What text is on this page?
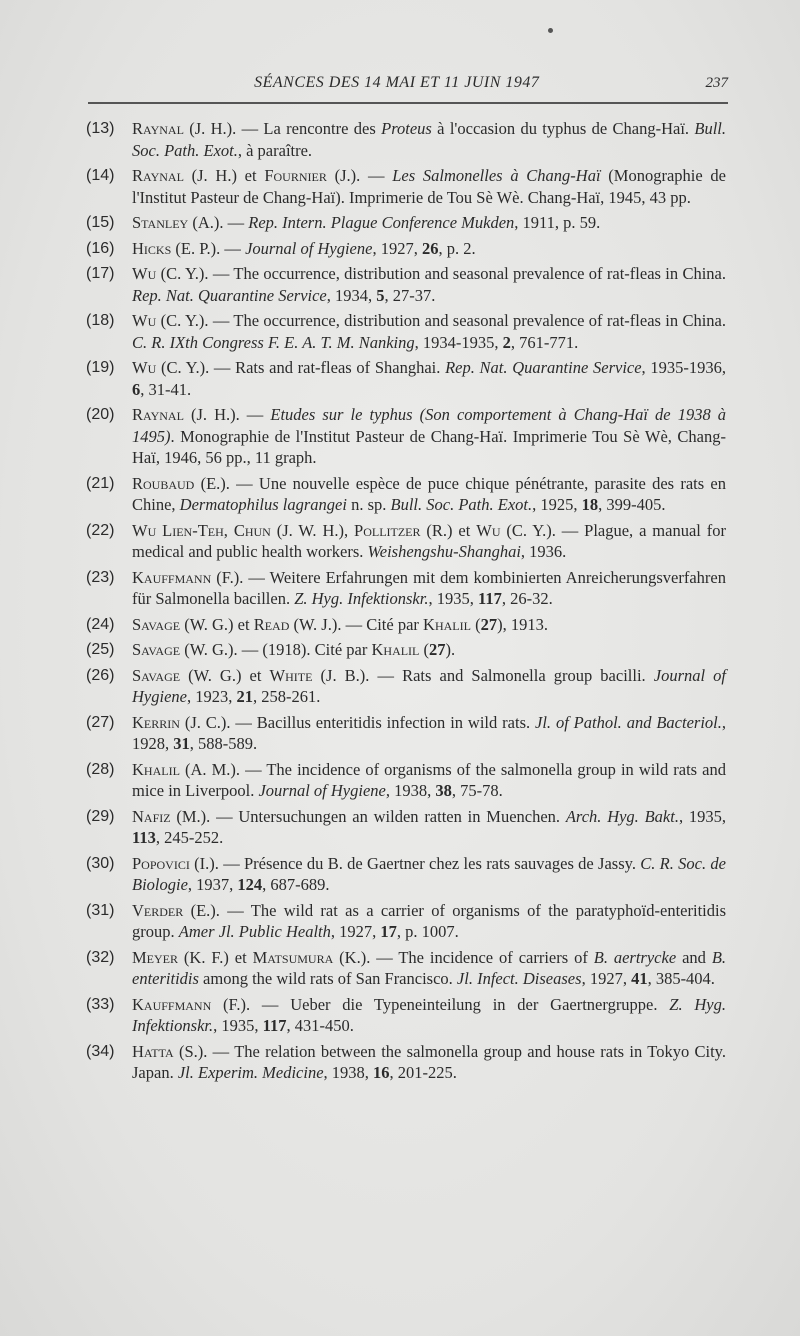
SÉANCES DES 14 MAI ET 11 JUIN 1947	237
(13)	Raynal (J. H.). — La rencontre des Proteus à l'occasion du typhus de Chang-Haï. Bull. Soc. Path. Exot., à paraître.
(14)	Raynal (J. H.) et Fournier (J.). — Les Salmonelles à Chang-Haï (Monographie de l'Institut Pasteur de Chang-Haï). Imprimerie de Tou Sè Wè. Chang-Haï, 1945, 43 pp.
(15)	Stanley (A.). — Rep. Intern. Plague Conference Mukden, 1911, p. 59.
(16)	Hicks (E. P.). — Journal of Hygiene, 1927, 26, p. 2.
(17)	Wu (C. Y.). — The occurrence, distribution and seasonal prevalence of rat-fleas in China. Rep. Nat. Quarantine Service, 1934, 5, 27-37.
(18)	Wu (C. Y.). — The occurrence, distribution and seasonal prevalence of rat-fleas in China. C. R. IXth Congress F. E. A. T. M. Nanking, 1934-1935, 2, 761-771.
(19)	Wu (C. Y.). — Rats and rat-fleas of Shanghai. Rep. Nat. Quarantine Service, 1935-1936, 6, 31-41.
(20)	Raynal (J. H.). — Etudes sur le typhus (Son comportement à Chang-Haï de 1938 à 1495). Monographie de l'Institut Pasteur de Chang-Haï. Imprimerie Tou Sè Wè, Chang-Haï, 1946, 56 pp., 11 graph.
(21)	Roubaud (E.). — Une nouvelle espèce de puce chique pénétrante, parasite des rats en Chine, Dermatophilus lagrangei n. sp. Bull. Soc. Path. Exot., 1925, 18, 399-405.
(22)	Wu Lien-Teh, Chun (J. W. H.), Pollitzer (R.) et Wu (C. Y.). — Plague, a manual for medical and public health workers. Weishengshu-Shanghai, 1936.
(23)	Kauffmann (F.). — Weitere Erfahrungen mit dem kombinierten Anreicherungsverfahren für Salmonella bacillen. Z. Hyg. Infektionskr., 1935, 117, 26-32.
(24)	Savage (W. G.) et Read (W. J.). — Cité par Khalil (27), 1913.
(25)	Savage (W. G.). — (1918). Cité par Khalil (27).
(26)	Savage (W. G.) et White (J. B.). — Rats and Salmonella group bacilli. Journal of Hygiene, 1923, 21, 258-261.
(27)	Kerrin (J. C.). — Bacillus enteritidis infection in wild rats. Jl. of Pathol. and Bacteriol., 1928, 31, 588-589.
(28)	Khalil (A. M.). — The incidence of organisms of the salmonella group in wild rats and mice in Liverpool. Journal of Hygiene, 1938, 38, 75-78.
(29)	Nafiz (M.). — Untersuchungen an wilden ratten in Muenchen. Arch. Hyg. Bakt., 1935, 113, 245-252.
(30)	Popovici (I.). — Présence du B. de Gaertner chez les rats sauvages de Jassy. C. R. Soc. de Biologie, 1937, 124, 687-689.
(31)	Verder (E.). — The wild rat as a carrier of organisms of the paratyphoïd-enteritidis group. Amer Jl. Public Health, 1927, 17, p. 1007.
(32)	Meyer (K. F.) et Matsumura (K.). — The incidence of carriers of B. aertrycke and B. enteritidis among the wild rats of San Francisco. Jl. Infect. Diseases, 1927, 41, 385-404.
(33)	Kauffmann (F.). — Ueber die Typeneinteilung in der Gaertnergruppe. Z. Hyg. Infektionskr., 1935, 117, 431-450.
(34)	Hatta (S.). — The relation between the salmonella group and house rats in Tokyo City. Japan. Jl. Experim. Medicine, 1938, 16, 201-225.
